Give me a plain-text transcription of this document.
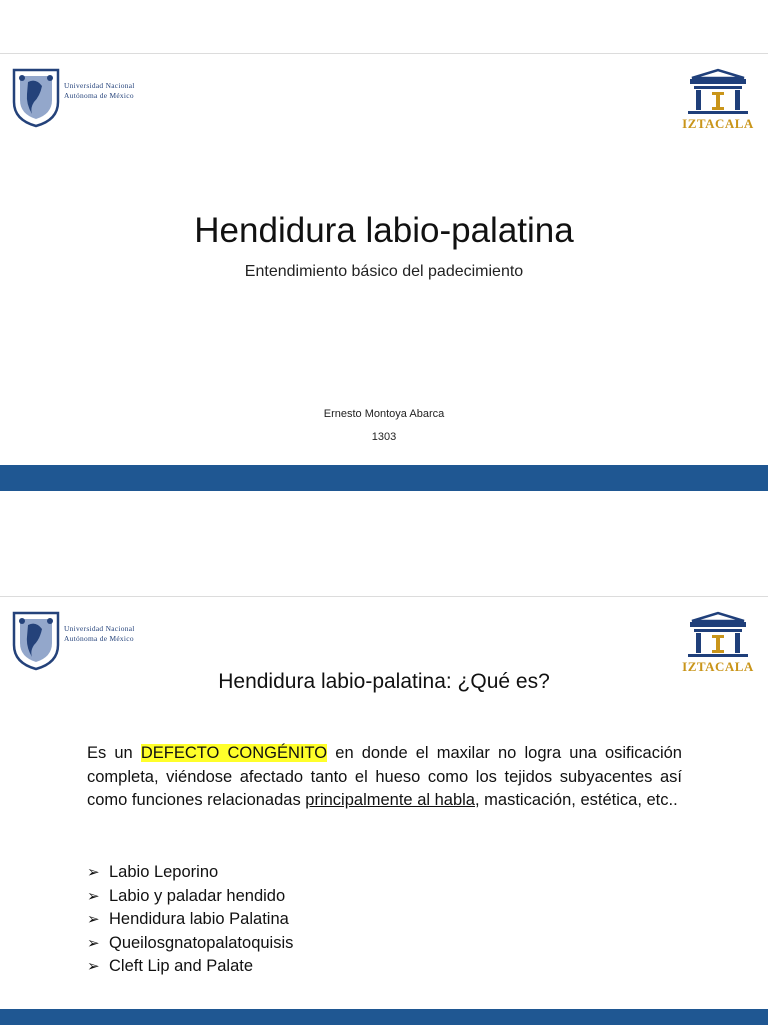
Universidad Nacional
Autónoma de México
IZTACALA
Hendidura labio-palatina
Entendimiento básico del padecimiento
Ernesto Montoya Abarca
1303
Universidad Nacional
Autónoma de México
IZTACALA
Hendidura labio-palatina: ¿Qué es?
Es un DEFECTO CONGÉNITO en donde el maxilar no logra una osificación completa, viéndose afectado tanto el hueso como los tejidos subyacentes así como funciones relacionadas principalmente al habla, masticación, estética, etc..
➢ Labio Leporino
➢ Labio y paladar hendido
➢ Hendidura labio Palatina
➢ Queilosgnatopalatoquisis
➢ Cleft Lip and Palate
